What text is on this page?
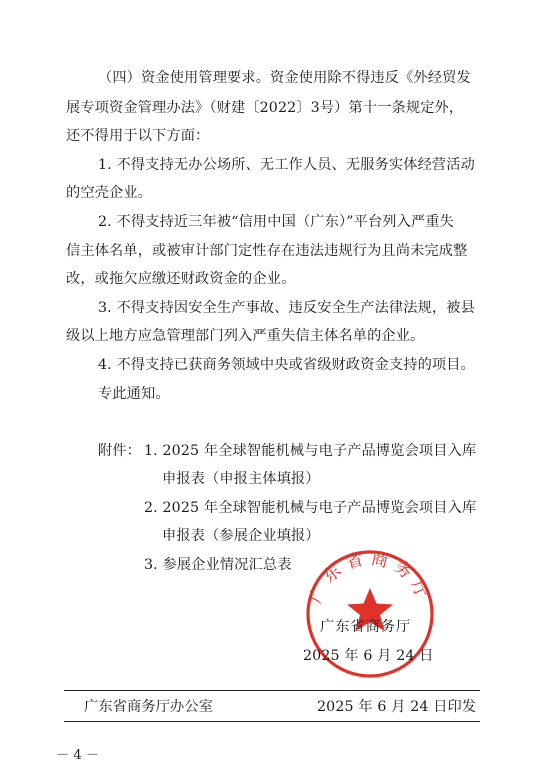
（四）资金使用管理要求。资金使用除不得违反《外经贸发
展专项资金管理办法》（财建〔2022〕3号）第十一条规定外，
还不得用于以下方面：
1. 不得支持无办公场所、无工作人员、无服务实体经营活动
的空壳企业。
2. 不得支持近三年被“信用中国（广东）”平台列入严重失
信主体名单，或被审计部门定性存在违法违规行为且尚未完成整
改，或拖欠应缴还财政资金的企业。
3. 不得支持因安全生产事故、违反安全生产法律法规，被县
级以上地方应急管理部门列入严重失信主体名单的企业。
4. 不得支持已获商务领域中央或省级财政资金支持的项目。
专此通知。
附件： 1. 2025 年全球智能机械与电子产品博览会项目入库
申报表（申报主体填报）
2. 2025 年全球智能机械与电子产品博览会项目入库
申报表（参展企业填报）
3. 参展企业情况汇总表
广东省商务厅
广东省商务厅
2025 年 6 月 24 日
广东省商务厅办公室	2025 年 6 月 24 日印发
－ 4 －
